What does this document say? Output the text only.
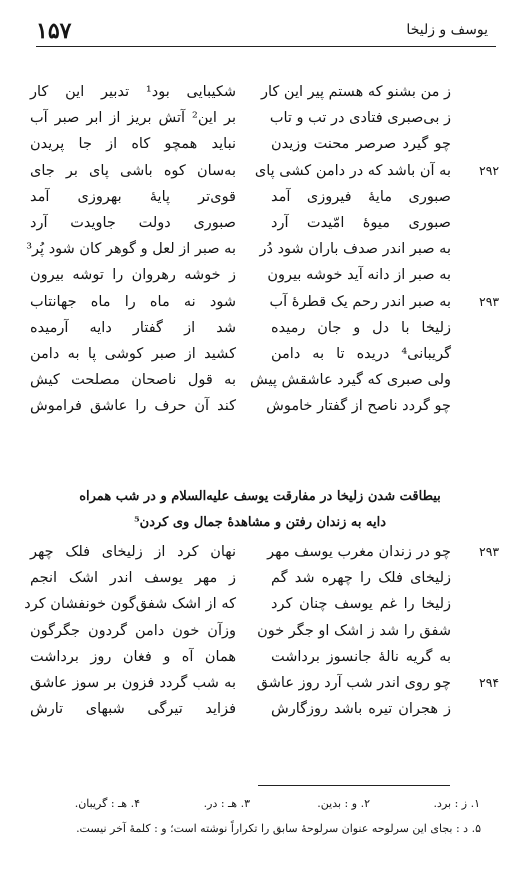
۱۵۷	یوسف و زلیخا
ز من بشنو که هستم پیر این کار
شکیبایی بود¹ تدبیر این کار
ز بی‌صبری فتادی در تب و تاب
بر این² آتش بریز از ابر صبر آب
چو گیرد صرصر محنت وزیدن
نباید همچو کاه از جا پریدن
۲۹۲
به آن باشد که در دامن کشی پای
به‌سان کوه باشی پای بر جای
صبوری مایهٔ فیروزی آمد
قوی‌تر پایهٔ بهروزی آمد
صبوری میوهٔ امّیدت آرد
صبوری دولت جاویدت آرد
به صبر اندر صدف باران شود دُر
به صبر از لعل و گوهر کان شود پُر³
به صبر از دانه آید خوشه بیرون
ز خوشه رهروان را توشه بیرون
۲۹۳
به صبر اندر رحم یک قطرهٔ آب
شود نه ماه را ماه جهانتاب
زلیخا با دل و جان رمیده
شد از گفتار دایه آرمیده
گریبانی⁴ دریده تا به دامن
کشید از صبر کوشی پا به دامن
ولی صبری که گیرد عاشقش پیش
به قول ناصحان مصلحت کیش
چو گردد ناصح از گفتار خاموش
کند آن حرف را عاشق فراموش
بیطاقت شدن زلیخا در مفارقت یوسف علیه‌السلام و در شب همراه
دایه به زندان رفتن و مشاهدهٔ جمال وی کردن⁵
۲۹۳
چو در زندان مغرب یوسف مهر
نهان کرد از زلیخای فلک چهر
زلیخای فلک را چهره شد گم
ز مهر یوسف اندر اشک انجم
زلیخا را غم یوسف چنان کرد
که از اشک شفق‌گون خونفشان کرد
شفق را شد ز اشک او جگر خون
وزآن خون دامن گردون جگرگون
به گریه نالهٔ جانسوز برداشت
همان آه و فغان روز برداشت
۲۹۴
چو روی اندر شب آرد روز عاشق
به شب گردد فزون بر سوز عاشق
ز هجران تیره باشد روزگارش
فزاید تیرگی شبهای تارش
۱. ز : برد.
۲. و : بدین.
۳. هـ : در.
۴. هـ : گریبان.
۵. د : بجای این سرلوحه عنوان سرلوحهٔ سابق را تکراراً نوشته است؛ و : کلمهٔ آخر نیست.
